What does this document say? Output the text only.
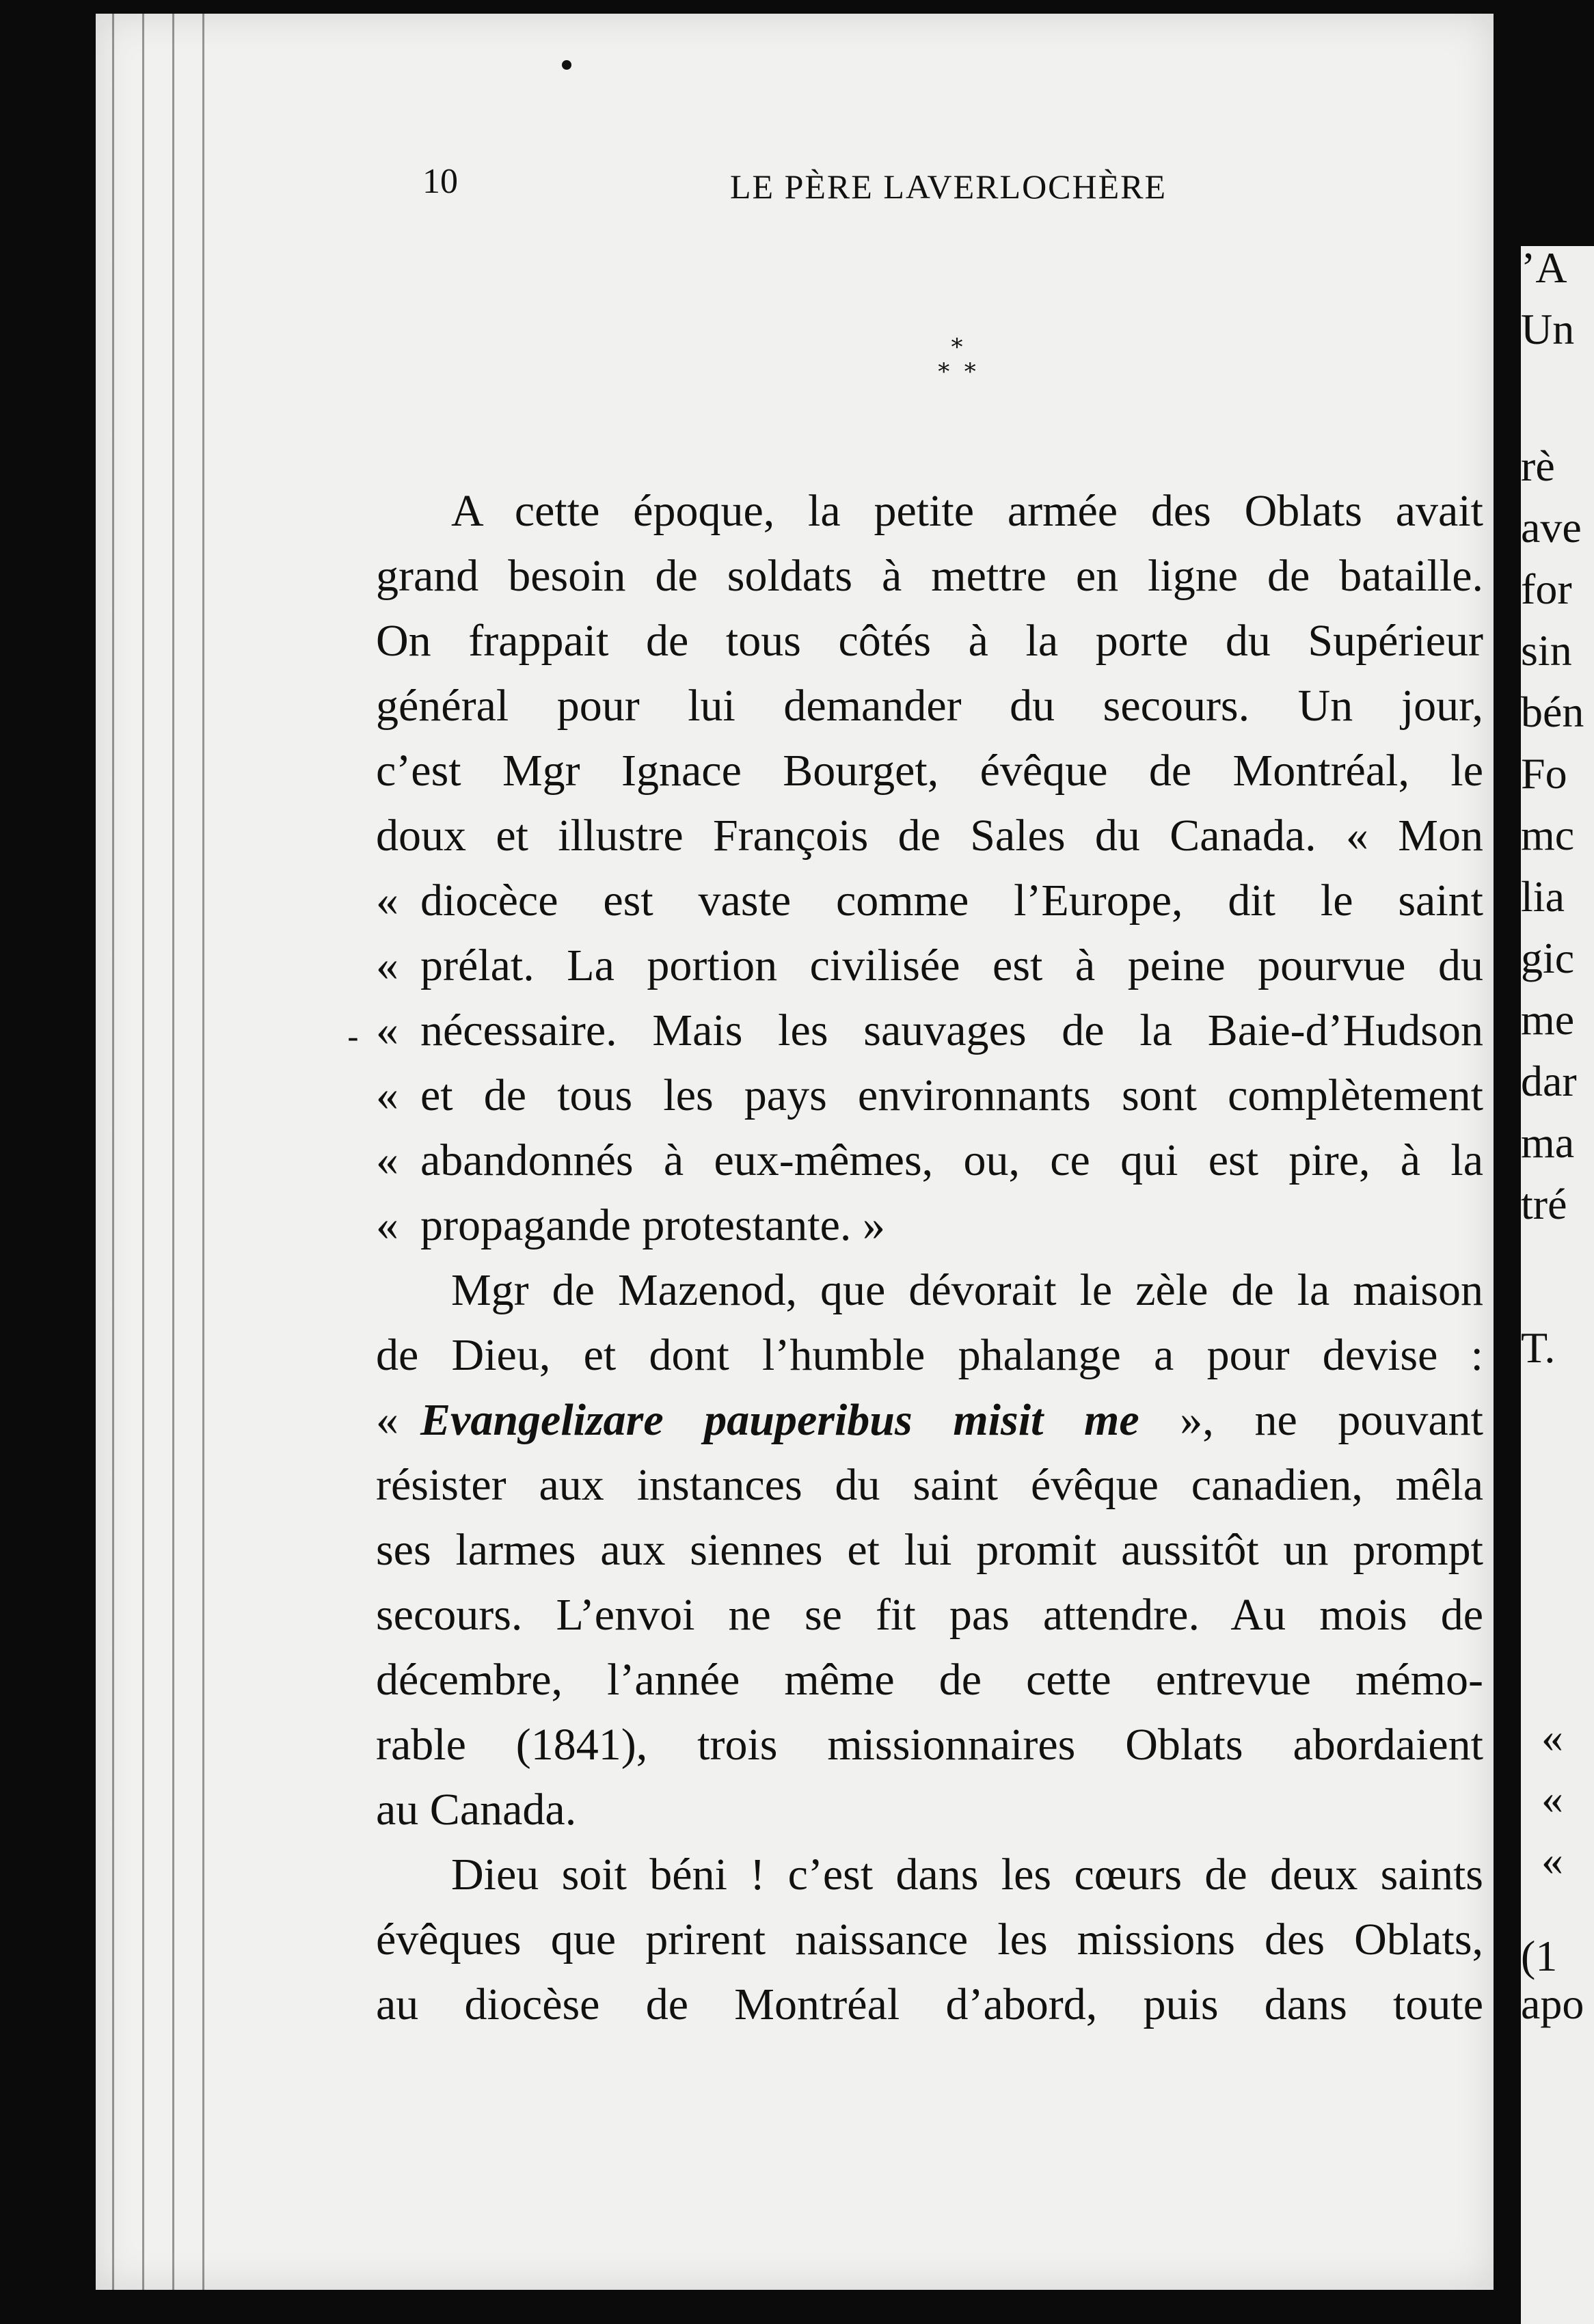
10	LE PÈRE LAVERLOCHÈRE
*
*  *
-
A cette époque, la petite armée des Oblats avait
grand besoin de soldats à mettre en ligne de bataille.
On frappait de tous côtés à la porte du Supérieur
général pour lui demander du secours. Un jour,
c’est Mgr Ignace Bourget, évêque de Montréal, le
doux et illustre François de Sales du Canada. « Mon
« diocèce est vaste comme l’Europe, dit le saint
« prélat. La portion civilisée est à peine pourvue du
« nécessaire. Mais les sauvages de la Baie-d’Hudson
« et de tous les pays environnants sont complètement
« abandonnés à eux-mêmes, ou, ce qui est pire, à la
« propagande protestante. »
Mgr de Mazenod, que dévorait le zèle de la maison
de Dieu, et dont l’humble phalange a pour devise :
« Evangelizare pauperibus misit me », ne pouvant
résister aux instances du saint évêque canadien, mêla
ses larmes aux siennes et lui promit aussitôt un prompt
secours. L’envoi ne se fit pas attendre. Au mois de
décembre, l’année même de cette entrevue mémo-
rable (1841), trois missionnaires Oblats abordaient
au Canada.
Dieu soit béni ! c’est dans les cœurs de deux saints
évêques que prirent naissance les missions des Oblats,
au diocèse de Montréal d’abord, puis dans toute
’A
Un
rè
ave
for
sin
bén
Fo
mc
lia
gic
me
dar
ma
tré
T.
«
«
«
(1
apo
